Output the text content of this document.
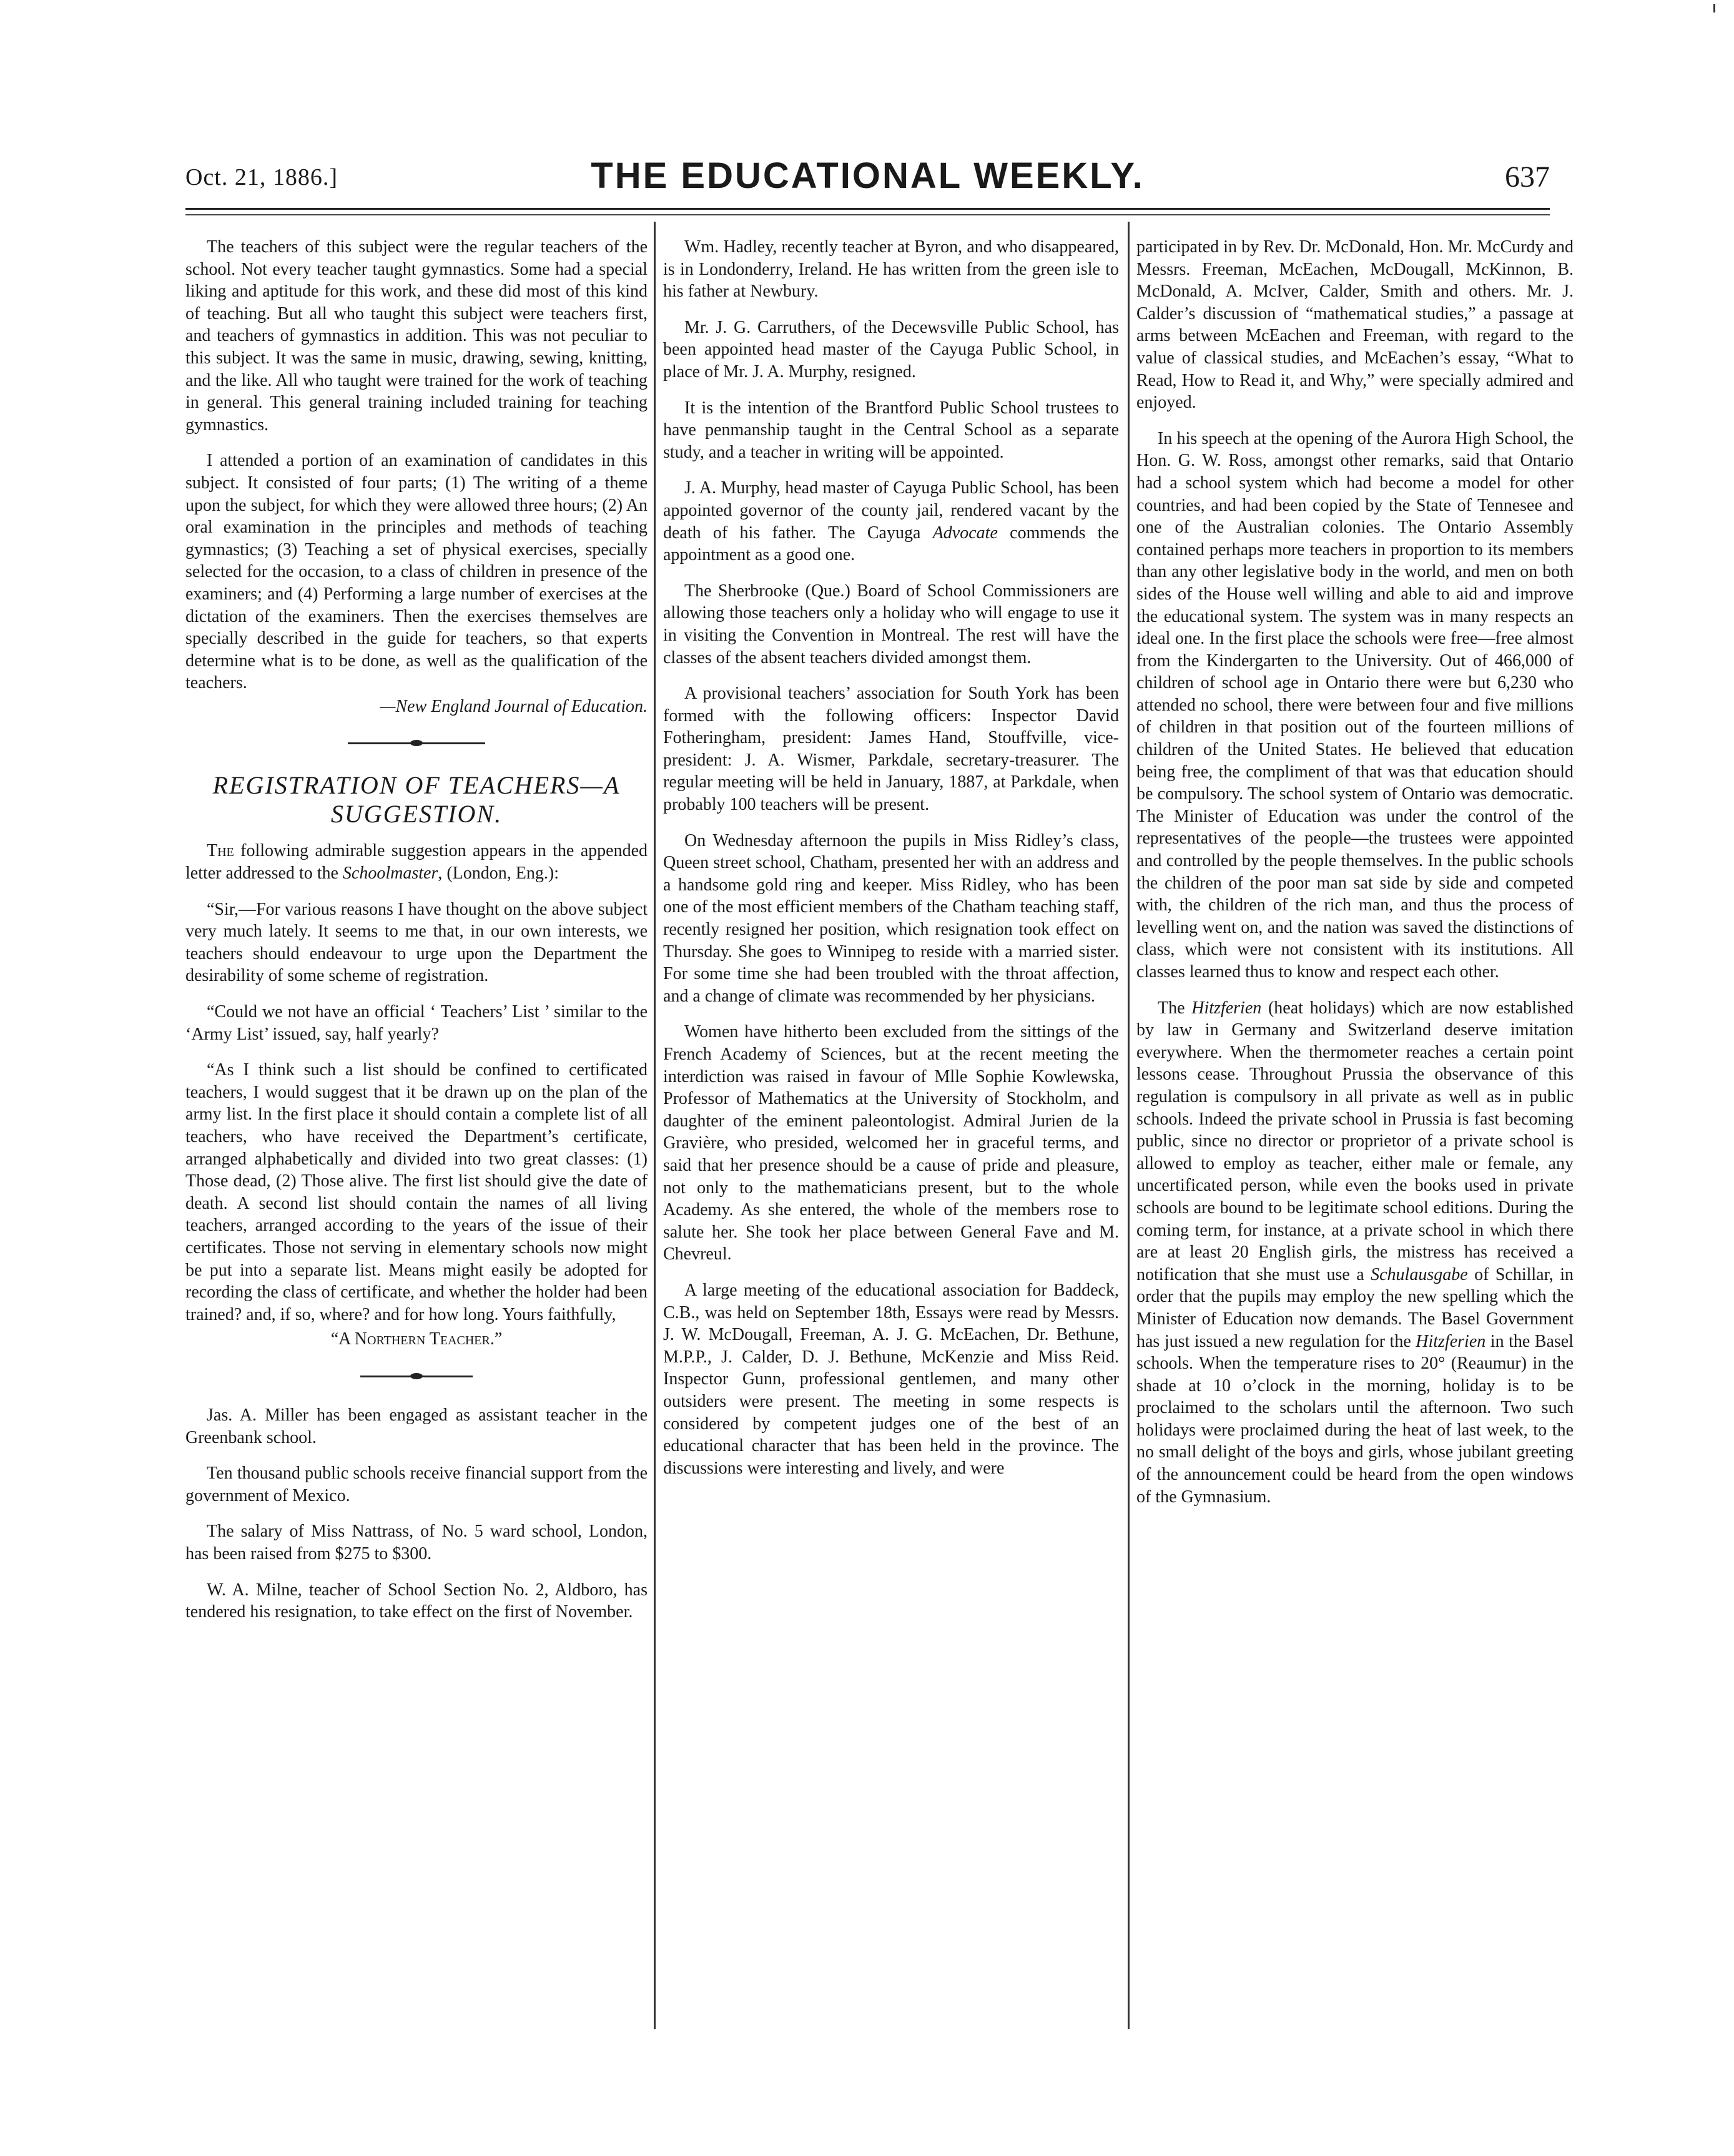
Oct. 21, 1886.]	THE EDUCATIONAL WEEKLY.	637

The teachers of this subject were the regular teachers of the school. Not every teacher taught gymnastics. Some had a special liking and aptitude for this work, and these did most of this kind of teaching. But all who taught this subject were teachers first, and teachers of gymnastics in addition. This was not peculiar to this subject. It was the same in music, drawing, sewing, knitting, and the like. All who taught were trained for the work of teaching in general. This general training included training for teaching gymnastics.

I attended a portion of an examination of candidates in this subject. It consisted of four parts; (1) The writing of a theme upon the subject, for which they were allowed three hours; (2) An oral examination in the principles and methods of teaching gymnastics; (3) Teaching a set of physical exercises, specially selected for the occasion, to a class of children in presence of the examiners; and (4) Performing a large number of exercises at the dictation of the examiners. Then the exercises themselves are specially described in the guide for teachers, so that experts determine what is to be done, as well as the qualification of the teachers.

—New England Journal of Education.
REGISTRATION OF TEACHERS—A SUGGESTION.

The following admirable suggestion appears in the appended letter addressed to the Schoolmaster, (London, Eng.):

“Sir,—For various reasons I have thought on the above subject very much lately. It seems to me that, in our own interests, we teachers should endeavour to urge upon the Department the desirability of some scheme of registration.

“Could we not have an official ‘ Teachers’ List ’ similar to the ‘Army List’ issued, say, half yearly?

“As I think such a list should be confined to certificated teachers, I would suggest that it be drawn up on the plan of the army list. In the first place it should contain a complete list of all teachers, who have received the Department’s certificate, arranged alphabetically and divided into two great classes: (1) Those dead, (2) Those alive. The first list should give the date of death. A second list should contain the names of all living teachers, arranged according to the years of the issue of their certificates. Those not serving in elementary schools now might be put into a separate list. Means might easily be adopted for recording the class of certificate, and whether the holder had been trained? and, if so, where? and for how long. Yours faithfully,

“A Northern Teacher.”

Jas. A. Miller has been engaged as assistant teacher in the Greenbank school.

Ten thousand public schools receive financial support from the government of Mexico.

The salary of Miss Nattrass, of No. 5 ward school, London, has been raised from $275 to $300.

W. A. Milne, teacher of School Section No. 2, Aldboro, has tendered his resignation, to take effect on the first of November.

Wm. Hadley, recently teacher at Byron, and who disappeared, is in Londonderry, Ireland. He has written from the green isle to his father at Newbury.

Mr. J. G. Carruthers, of the Decewsville Public School, has been appointed head master of the Cayuga Public School, in place of Mr. J. A. Murphy, resigned.

It is the intention of the Brantford Public School trustees to have penmanship taught in the Central School as a separate study, and a teacher in writing will be appointed.

J. A. Murphy, head master of Cayuga Public School, has been appointed governor of the county jail, rendered vacant by the death of his father. The Cayuga Advocate commends the appointment as a good one.

The Sherbrooke (Que.) Board of School Commissioners are allowing those teachers only a holiday who will engage to use it in visiting the Convention in Montreal. The rest will have the classes of the absent teachers divided amongst them.

A provisional teachers’ association for South York has been formed with the following officers: Inspector David Fotheringham, president: James Hand, Stouffville, vice-president: J. A. Wismer, Parkdale, secretary-treasurer. The regular meeting will be held in January, 1887, at Parkdale, when probably 100 teachers will be present.

On Wednesday afternoon the pupils in Miss Ridley’s class, Queen street school, Chatham, presented her with an address and a handsome gold ring and keeper. Miss Ridley, who has been one of the most efficient members of the Chatham teaching staff, recently resigned her position, which resignation took effect on Thursday. She goes to Winnipeg to reside with a married sister. For some time she had been troubled with the throat affection, and a change of climate was recommended by her physicians.

Women have hitherto been excluded from the sittings of the French Academy of Sciences, but at the recent meeting the interdiction was raised in favour of Mlle Sophie Kowlewska, Professor of Mathematics at the University of Stockholm, and daughter of the eminent paleontologist. Admiral Jurien de la Gravière, who presided, welcomed her in graceful terms, and said that her presence should be a cause of pride and pleasure, not only to the mathematicians present, but to the whole Academy. As she entered, the whole of the members rose to salute her. She took her place between General Fave and M. Chevreul.

A large meeting of the educational association for Baddeck, C.B., was held on September 18th, Essays were read by Messrs. J. W. McDougall, Freeman, A. J. G. McEachen, Dr. Bethune, M.P.P., J. Calder, D. J. Bethune, McKenzie and Miss Reid. Inspector Gunn, professional gentlemen, and many other outsiders were present. The meeting in some respects is considered by competent judges one of the best of an educational character that has been held in the province. The discussions were interesting and lively, and were

participated in by Rev. Dr. McDonald, Hon. Mr. McCurdy and Messrs. Freeman, McEachen, McDougall, McKinnon, B. McDonald, A. McIver, Calder, Smith and others. Mr. J. Calder’s discussion of “mathematical studies,” a passage at arms between McEachen and Freeman, with regard to the value of classical studies, and McEachen’s essay, “What to Read, How to Read it, and Why,” were specially admired and enjoyed.

In his speech at the opening of the Aurora High School, the Hon. G. W. Ross, amongst other remarks, said that Ontario had a school system which had become a model for other countries, and had been copied by the State of Tennesee and one of the Australian colonies. The Ontario Assembly contained perhaps more teachers in proportion to its members than any other legislative body in the world, and men on both sides of the House well willing and able to aid and improve the educational system. The system was in many respects an ideal one. In the first place the schools were free—free almost from the Kindergarten to the University. Out of 466,000 of children of school age in Ontario there were but 6,230 who attended no school, there were between four and five millions of children in that position out of the fourteen millions of children of the United States. He believed that education being free, the compliment of that was that education should be compulsory. The school system of Ontario was democratic. The Minister of Education was under the control of the representatives of the people—the trustees were appointed and controlled by the people themselves. In the public schools the children of the poor man sat side by side and competed with, the children of the rich man, and thus the process of levelling went on, and the nation was saved the distinctions of class, which were not consistent with its institutions. All classes learned thus to know and respect each other.

The Hitzferien (heat holidays) which are now established by law in Germany and Switzerland deserve imitation everywhere. When the thermometer reaches a certain point lessons cease. Throughout Prussia the observance of this regulation is compulsory in all private as well as in public schools. Indeed the private school in Prussia is fast becoming public, since no director or proprietor of a private school is allowed to employ as teacher, either male or female, any uncertificated person, while even the books used in private schools are bound to be legitimate school editions. During the coming term, for instance, at a private school in which there are at least 20 English girls, the mistress has received a notification that she must use a Schulausgabe of Schillar, in order that the pupils may employ the new spelling which the Minister of Education now demands. The Basel Government has just issued a new regulation for the Hitzferien in the Basel schools. When the temperature rises to 20° (Reaumur) in the shade at 10 o’clock in the morning, holiday is to be proclaimed to the scholars until the afternoon. Two such holidays were proclaimed during the heat of last week, to the no small delight of the boys and girls, whose jubilant greeting of the announcement could be heard from the open windows of the Gymnasium.
